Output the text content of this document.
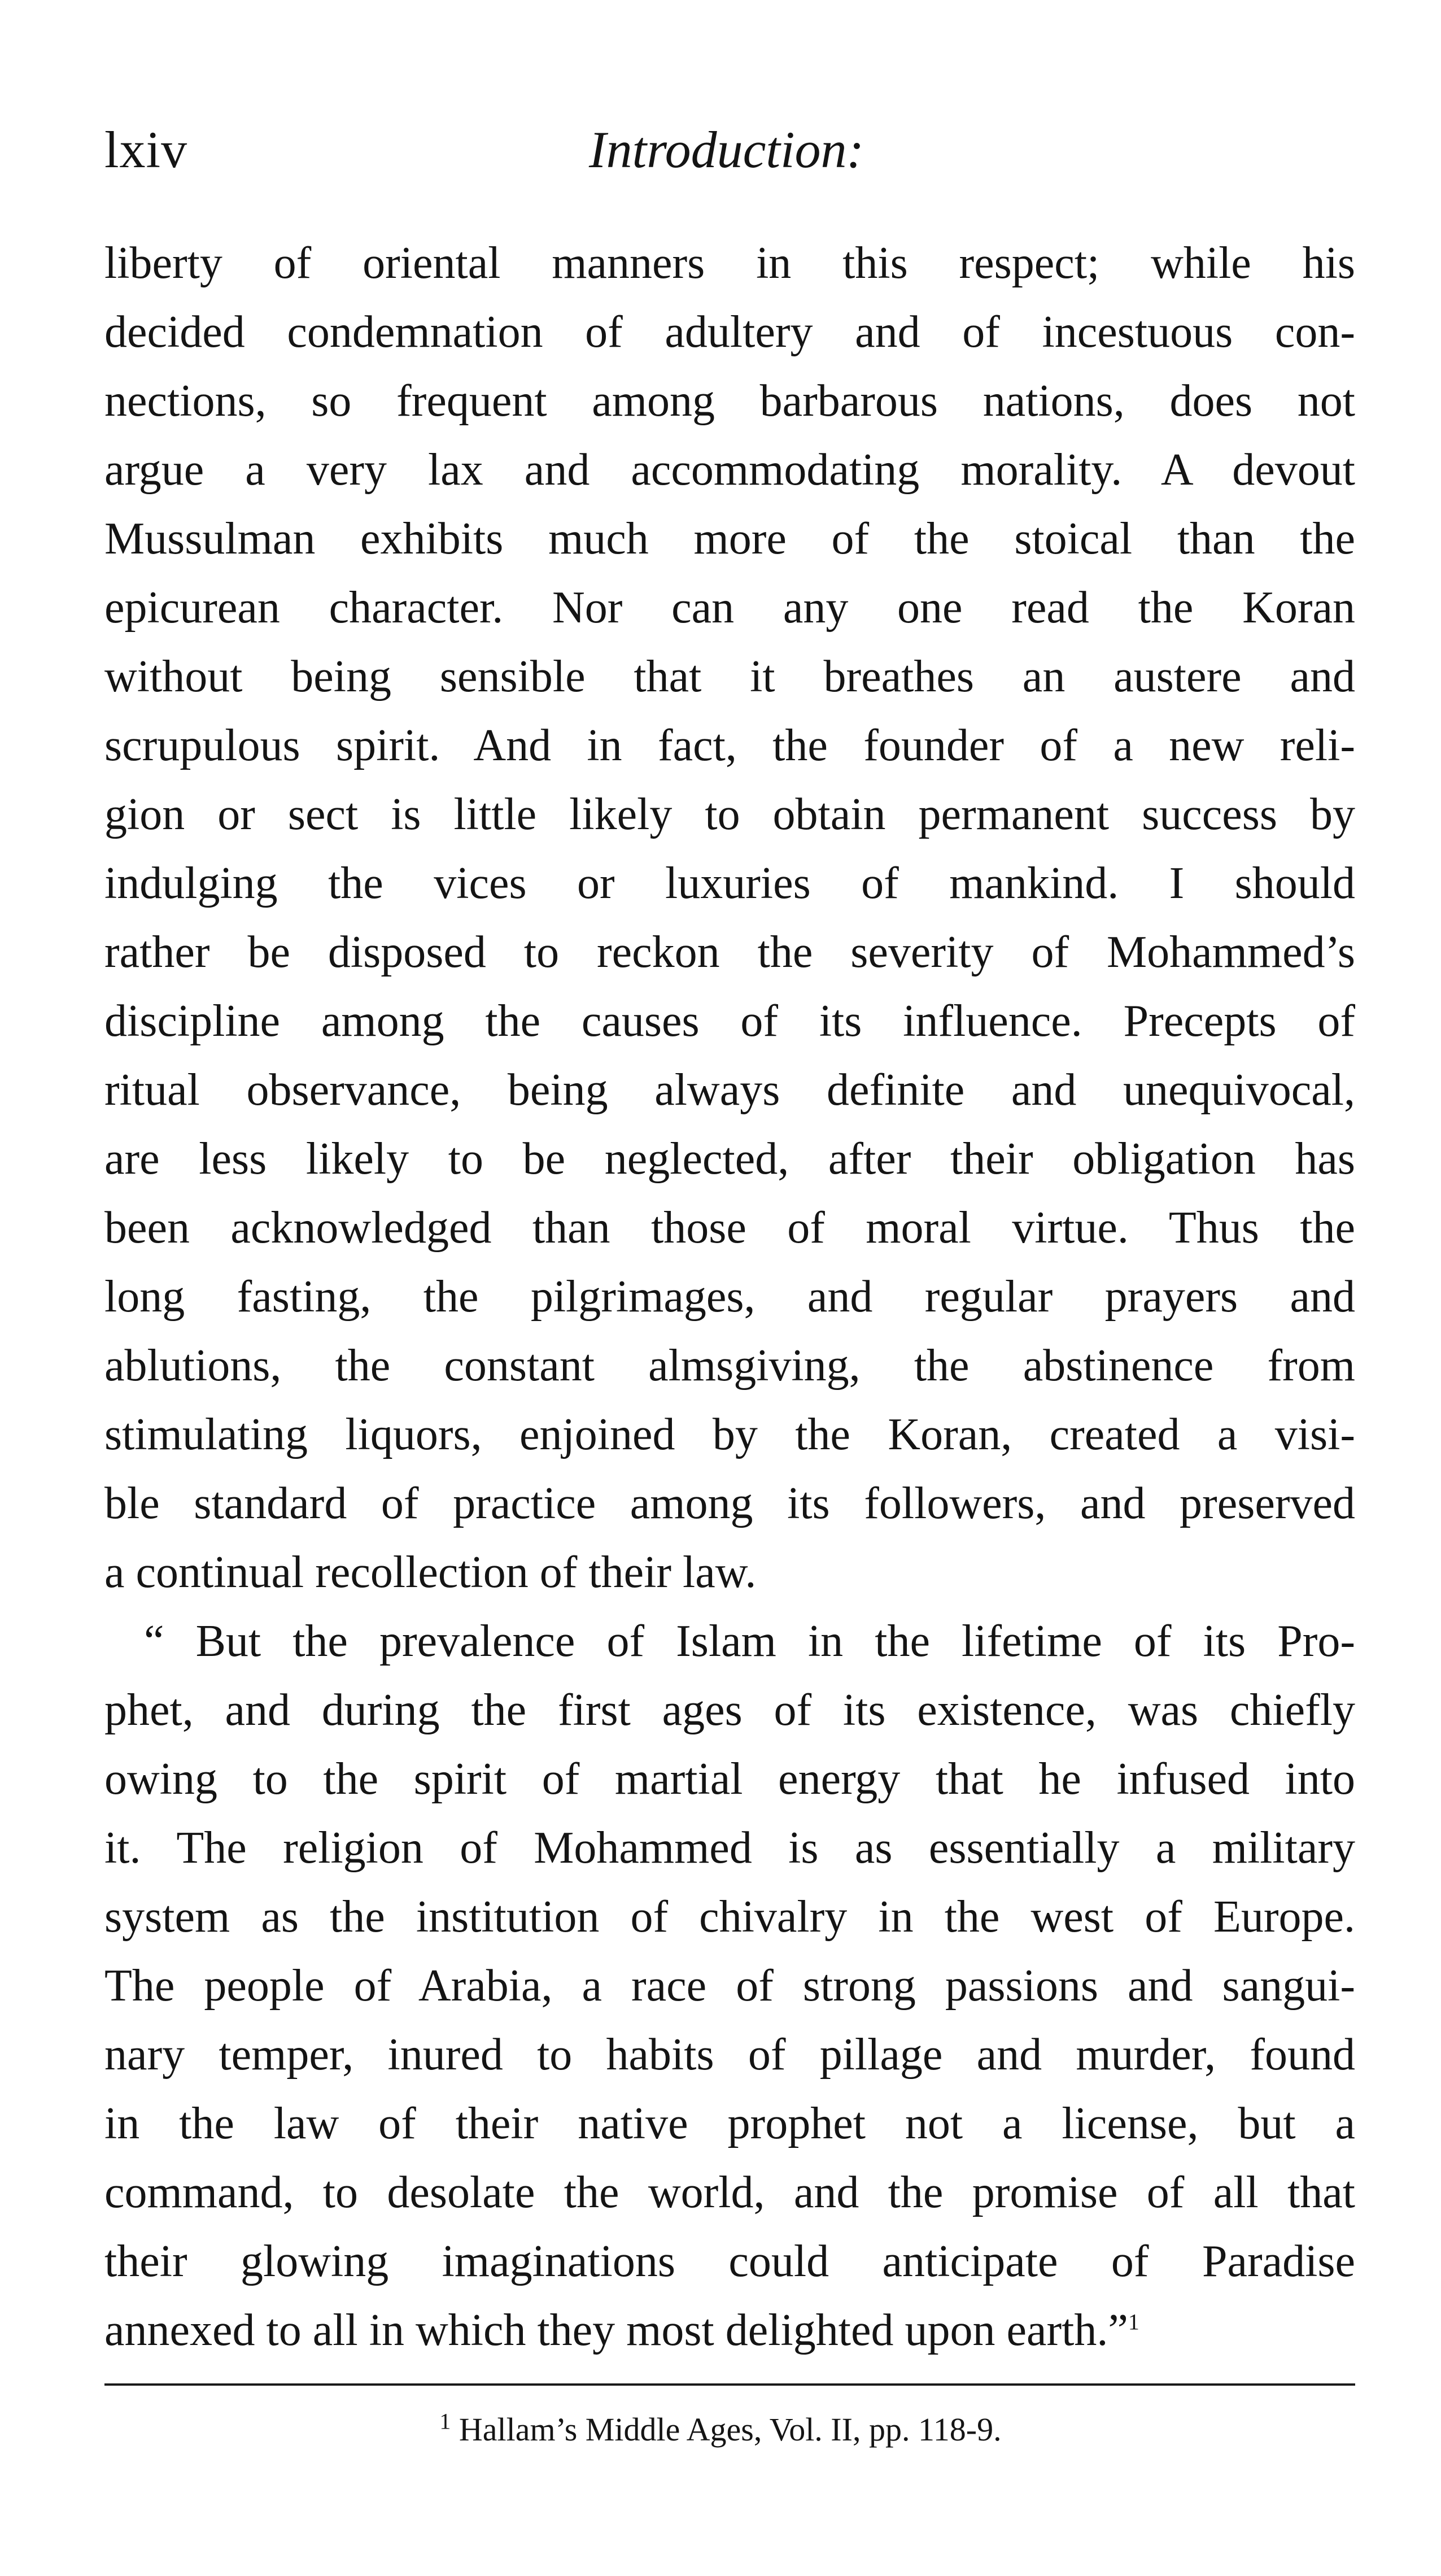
lxiv	Introduction:
liberty of oriental manners in this respect; while his
decided condemnation of adultery and of incestuous con-
nections, so frequent among barbarous nations, does not
argue a very lax and accommodating morality. A devout
Mussulman exhibits much more of the stoical than the
epicurean character. Nor can any one read the Koran
without being sensible that it breathes an austere and
scrupulous spirit. And in fact, the founder of a new reli-
gion or sect is little likely to obtain permanent success by
indulging the vices or luxuries of mankind. I should
rather be disposed to reckon the severity of Mohammed’s
discipline among the causes of its influence. Precepts of
ritual observance, being always definite and unequivocal,
are less likely to be neglected, after their obligation has
been acknowledged than those of moral virtue. Thus the
long fasting, the pilgrimages, and regular prayers and
ablutions, the constant almsgiving, the abstinence from
stimulating liquors, enjoined by the Koran, created a visi-
ble standard of practice among its followers, and preserved
a continual recollection of their law.
“ But the prevalence of Islam in the lifetime of its Pro-
phet, and during the first ages of its existence, was chiefly
owing to the spirit of martial energy that he infused into
it. The religion of Mohammed is as essentially a military
system as the institution of chivalry in the west of Europe.
The people of Arabia, a race of strong passions and sangui-
nary temper, inured to habits of pillage and murder, found
in the law of their native prophet not a license, but a
command, to desolate the world, and the promise of all that
their glowing imaginations could anticipate of Paradise
annexed to all in which they most delighted upon earth.”$^1$
$^1$ Hallam’s Middle Ages, Vol. II, pp. 118-9.
